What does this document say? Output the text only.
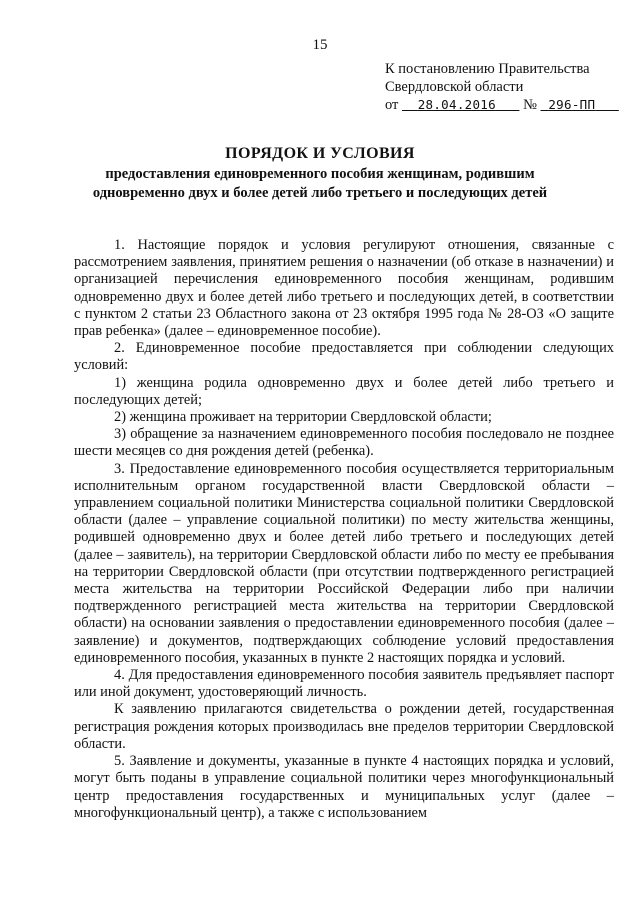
15
К постановлению Правительства
Свердловской области
от 28.04.2016 № 296-ПП
ПОРЯДОК И УСЛОВИЯ
предоставления единовременного пособия женщинам, родившим одновременно двух и более детей либо третьего и последующих детей

1. Настоящие порядок и условия регулируют отношения, связанные с рассмотрением заявления, принятием решения о назначении (об отказе в назначении) и организацией перечисления единовременного пособия женщинам, родившим одновременно двух и более детей либо третьего и последующих детей, в соответствии с пунктом 2 статьи 23 Областного закона от 23 октября 1995 года № 28-ОЗ «О защите прав ребенка» (далее – единовременное пособие).

2. Единовременное пособие предоставляется при соблюдении следующих условий:

1) женщина родила одновременно двух и более детей либо третьего и последующих детей;

2) женщина проживает на территории Свердловской области;

3) обращение за назначением единовременного пособия последовало не позднее шести месяцев со дня рождения детей (ребенка).

3. Предоставление единовременного пособия осуществляется территориальным исполнительным органом государственной власти Свердловской области – управлением социальной политики Министерства социальной политики Свердловской области (далее – управление социальной политики) по месту жительства женщины, родившей одновременно двух и более детей либо третьего и последующих детей (далее – заявитель), на территории Свердловской области либо по месту ее пребывания на территории Свердловской области (при отсутствии подтвержденного регистрацией места жительства на территории Российской Федерации либо при наличии подтвержденного регистрацией места жительства на территории Свердловской области) на основании заявления о предоставлении единовременного пособия (далее – заявление) и документов, подтверждающих соблюдение условий предоставления единовременного пособия, указанных в пункте 2 настоящих порядка и условий.

4. Для предоставления единовременного пособия заявитель предъявляет паспорт или иной документ, удостоверяющий личность.

К заявлению прилагаются свидетельства о рождении детей, государственная регистрация рождения которых производилась вне пределов территории Свердловской области.

5. Заявление и документы, указанные в пункте 4 настоящих порядка и условий, могут быть поданы в управление социальной политики через многофункциональный центр предоставления государственных и муниципальных услуг (далее – многофункциональный центр), а также с использованием
